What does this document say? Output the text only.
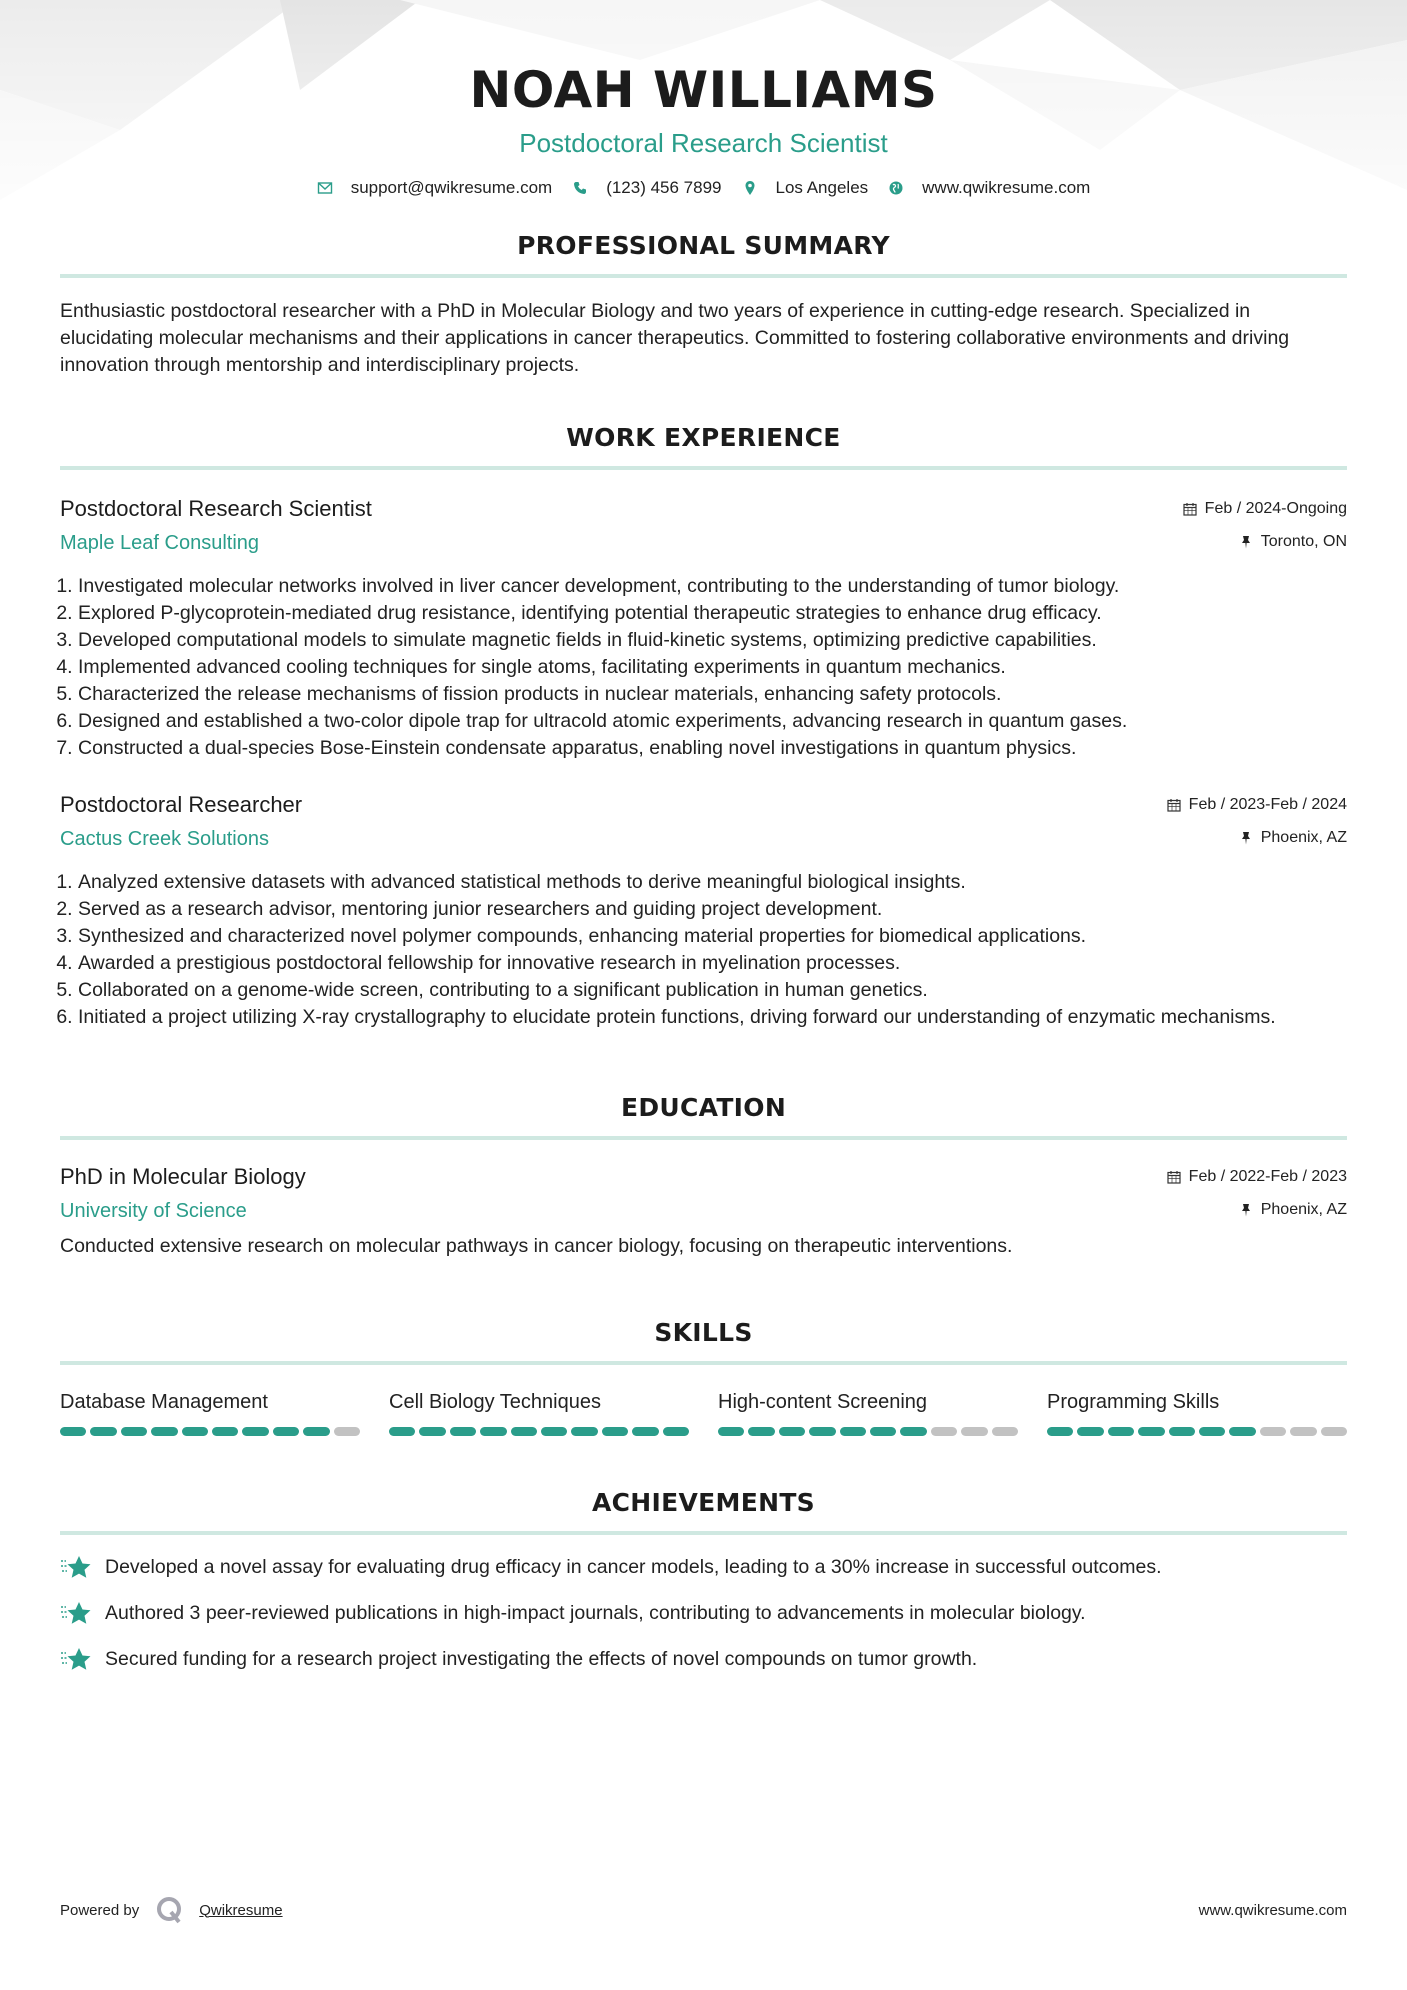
NOAH WILLIAMS
Postdoctoral Research Scientist
support@qwikresume.com	(123) 456 7899	Los Angeles	www.qwikresume.com
PROFESSIONAL SUMMARY

Enthusiastic postdoctoral researcher with a PhD in Molecular Biology and two years of experience in cutting-edge research. Specialized in elucidating molecular mechanisms and their applications in cancer therapeutics. Committed to fostering collaborative environments and driving innovation through mentorship and interdisciplinary projects.

WORK EXPERIENCE
Postdoctoral Research Scientist	Feb / 2024-Ongoing
Maple Leaf Consulting	Toronto, ON
1. Investigated molecular networks involved in liver cancer development, contributing to the understanding of tumor biology.
2. Explored P-glycoprotein-mediated drug resistance, identifying potential therapeutic strategies to enhance drug efficacy.
3. Developed computational models to simulate magnetic fields in fluid-kinetic systems, optimizing predictive capabilities.
4. Implemented advanced cooling techniques for single atoms, facilitating experiments in quantum mechanics.
5. Characterized the release mechanisms of fission products in nuclear materials, enhancing safety protocols.
6. Designed and established a two-color dipole trap for ultracold atomic experiments, advancing research in quantum gases.
7. Constructed a dual-species Bose-Einstein condensate apparatus, enabling novel investigations in quantum physics.
Postdoctoral Researcher	Feb / 2023-Feb / 2024
Cactus Creek Solutions	Phoenix, AZ
1. Analyzed extensive datasets with advanced statistical methods to derive meaningful biological insights.
2. Served as a research advisor, mentoring junior researchers and guiding project development.
3. Synthesized and characterized novel polymer compounds, enhancing material properties for biomedical applications.
4. Awarded a prestigious postdoctoral fellowship for innovative research in myelination processes.
5. Collaborated on a genome-wide screen, contributing to a significant publication in human genetics.
6. Initiated a project utilizing X-ray crystallography to elucidate protein functions, driving forward our understanding of enzymatic mechanisms.
EDUCATION
PhD in Molecular Biology	Feb / 2022-Feb / 2023
University of Science	Phoenix, AZ

Conducted extensive research on molecular pathways in cancer biology, focusing on therapeutic interventions.

SKILLS
Database Management	Cell Biology Techniques	High-content Screening	Programming Skills
ACHIEVEMENTS
Developed a novel assay for evaluating drug efficacy in cancer models, leading to a 30% increase in successful outcomes.
Authored 3 peer-reviewed publications in high-impact journals, contributing to advancements in molecular biology.
Secured funding for a research project investigating the effects of novel compounds on tumor growth.
Powered by	Qwikresume	www.qwikresume.com
